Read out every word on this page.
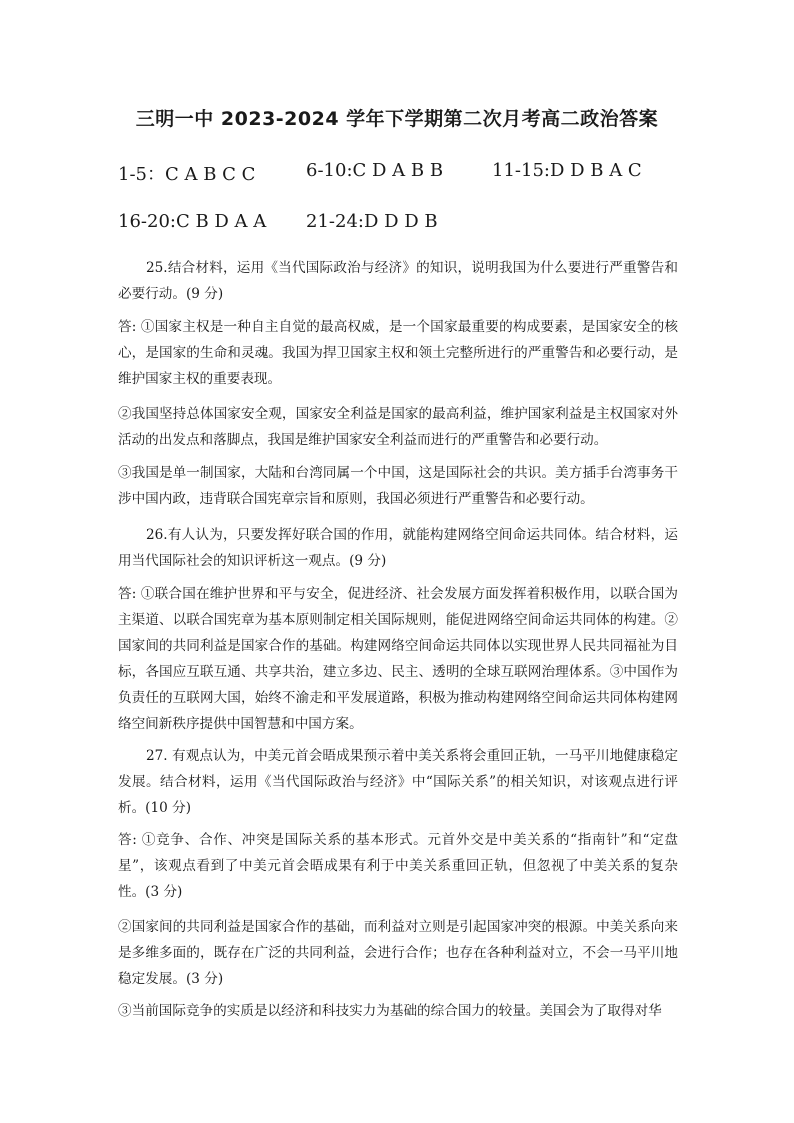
三明一中 2023-2024 学年下学期第二次月考高二政治答案
1-5：C A B C C	6-10:C D A B B	11-15:D D B A C
16-20:C B D A A 21-24:D D D B
25.结合材料，运用《当代国际政治与经济》的知识，说明我国为什么要进行严重警告和必要行动。(9 分)
答: ①国家主权是一种自主自觉的最高权威，是一个国家最重要的构成要素，是国家安全的核心，是国家的生命和灵魂。我国为捍卫国家主权和领土完整所进行的严重警告和必要行动，是维护国家主权的重要表现。
②我国坚持总体国家安全观，国家安全利益是国家的最高利益，维护国家利益是主权国家对外活动的出发点和落脚点，我国是维护国家安全利益而进行的严重警告和必要行动。
③我国是单一制国家，大陆和台湾同属一个中国，这是国际社会的共识。美方插手台湾事务干涉中国内政，违背联合国宪章宗旨和原则，我国必须进行严重警告和必要行动。
26.有人认为，只要发挥好联合国的作用，就能构建网络空间命运共同体。结合材料，运用当代国际社会的知识评析这一观点。(9 分)
答: ①联合国在维护世界和平与安全，促进经济、社会发展方面发挥着积极作用，以联合国为主渠道、以联合国宪章为基本原则制定相关国际规则，能促进网络空间命运共同体的构建。②国家间的共同利益是国家合作的基础。构建网络空间命运共同体以实现世界人民共同福祉为目标，各国应互联互通、共享共治，建立多边、民主、透明的全球互联网治理体系。③中国作为负责任的互联网大国，始终不渝走和平发展道路，积极为推动构建网络空间命运共同体构建网络空间新秩序提供中国智慧和中国方案。
27. 有观点认为，中美元首会晤成果预示着中美关系将会重回正轨，一马平川地健康稳定发展。结合材料，运用《当代国际政治与经济》中“国际关系”的相关知识，对该观点进行评析。(10 分)
答: ①竞争、合作、冲突是国际关系的基本形式。元首外交是中美关系的“指南针”和“定盘星”，该观点看到了中美元首会晤成果有利于中美关系重回正轨，但忽视了中美关系的复杂性。(3 分)
②国家间的共同利益是国家合作的基础，而利益对立则是引起国家冲突的根源。中美关系向来是多维多面的，既存在广泛的共同利益，会进行合作；也存在各种利益对立，不会一马平川地稳定发展。(3 分)
③当前国际竞争的实质是以经济和科技实力为基础的综合国力的较量。美国会为了取得对华
